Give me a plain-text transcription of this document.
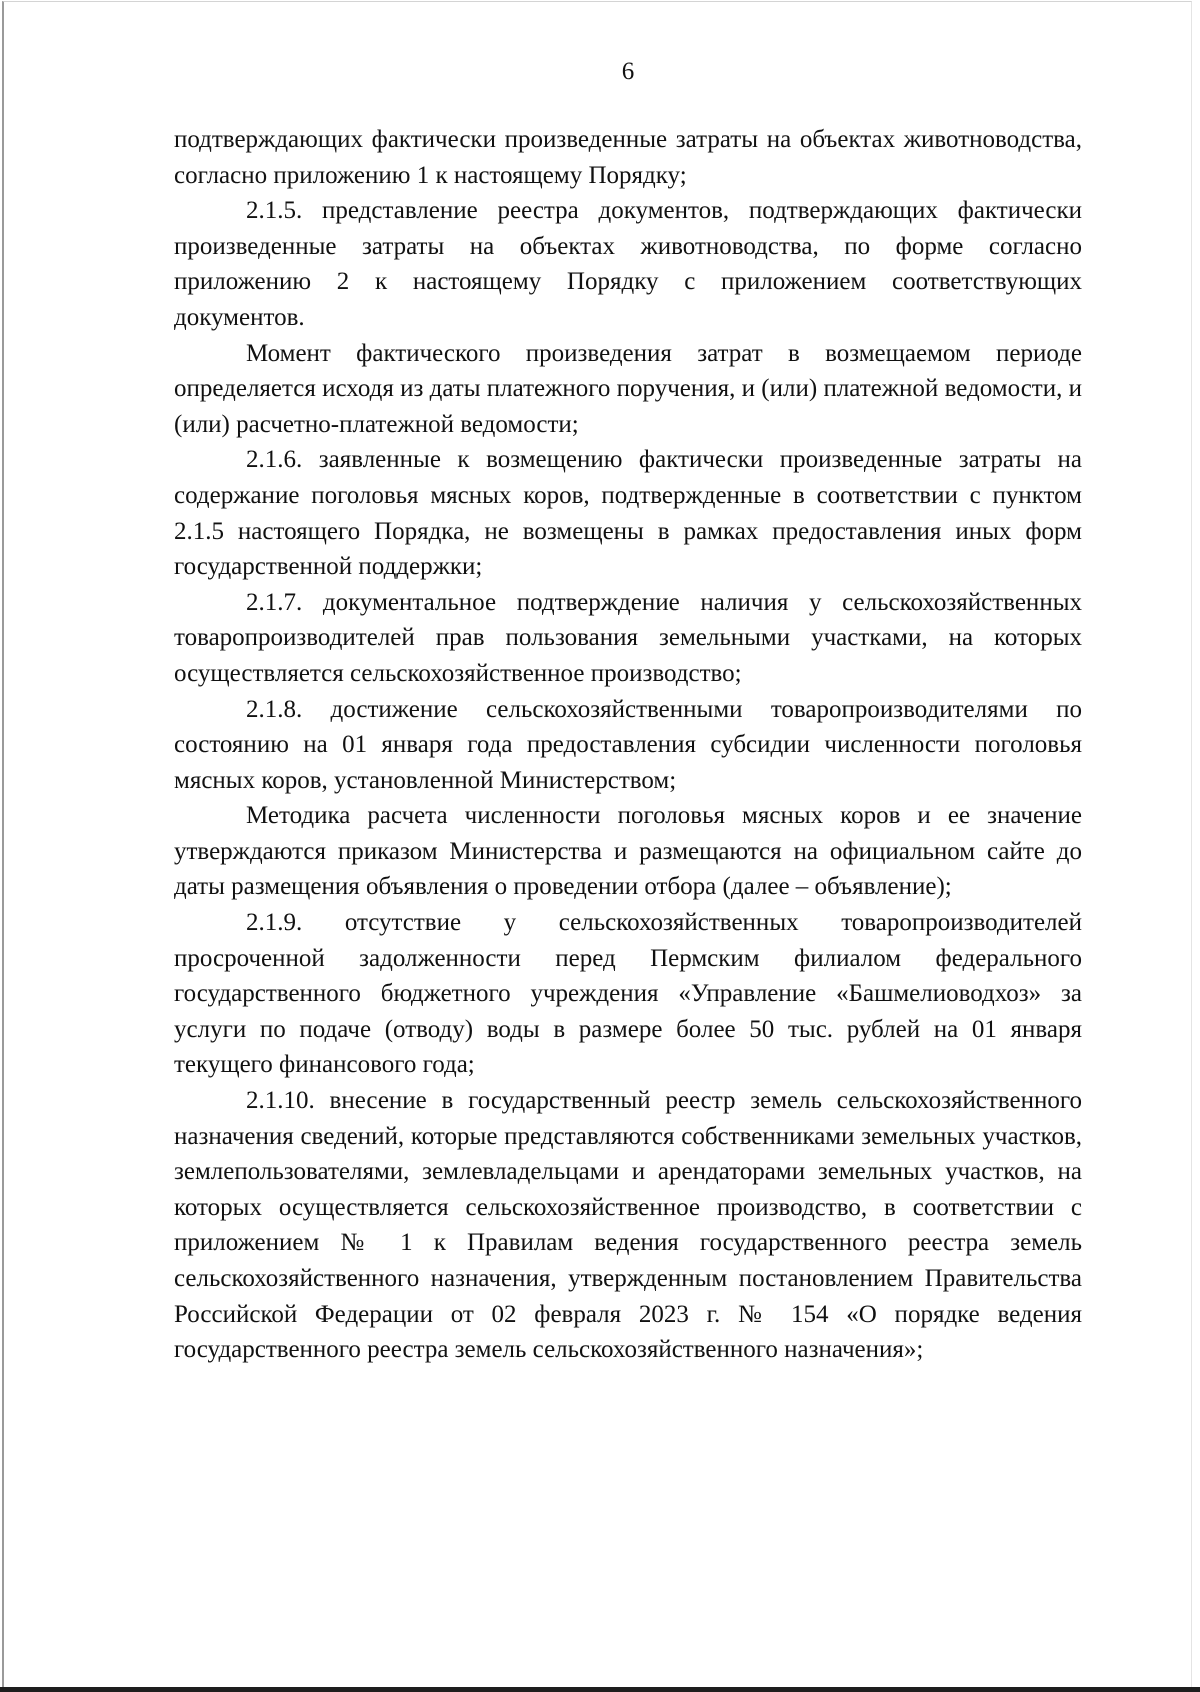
6

подтверждающих фактически произведенные затраты на объектах животноводства, согласно приложению 1 к настоящему Порядку;

2.1.5. представление реестра документов, подтверждающих фактически произведенные затраты на объектах животноводства, по форме согласно приложению 2 к настоящему Порядку с приложением соответствующих документов.

Момент фактического произведения затрат в возмещаемом периоде определяется исходя из даты платежного поручения, и (или) платежной ведомости, и (или) расчетно-платежной ведомости;

2.1.6. заявленные к возмещению фактически произведенные затраты на содержание поголовья мясных коров, подтвержденные в соответствии с пунктом 2.1.5 настоящего Порядка, не возмещены в рамках предоставления иных форм государственной поддержки;

2.1.7. документальное подтверждение наличия у сельскохозяйственных товаропроизводителей прав пользования земельными участками, на которых осуществляется сельскохозяйственное производство;

2.1.8. достижение сельскохозяйственными товаропроизводителями по состоянию на 01 января года предоставления субсидии численности поголовья мясных коров, установленной Министерством;

Методика расчета численности поголовья мясных коров и ее значение утверждаются приказом Министерства и размещаются на официальном сайте до даты размещения объявления о проведении отбора (далее – объявление);

2.1.9. отсутствие у сельскохозяйственных товаропроизводителей просроченной задолженности перед Пермским филиалом федерального государственного бюджетного учреждения «Управление «Башмелиоводхоз» за услуги по подаче (отводу) воды в размере более 50 тыс. рублей на 01 января текущего финансового года;

2.1.10. внесение в государственный реестр земель сельскохозяйственного назначения сведений, которые представляются собственниками земельных участков, землепользователями, землевладельцами и арендаторами земельных участков, на которых осуществляется сельскохозяйственное производство, в соответствии с приложением № 1 к Правилам ведения государственного реестра земель сельскохозяйственного назначения, утвержденным постановлением Правительства Российской Федерации от 02 февраля 2023 г. № 154 «О порядке ведения государственного реестра земель сельскохозяйственного назначения»;
